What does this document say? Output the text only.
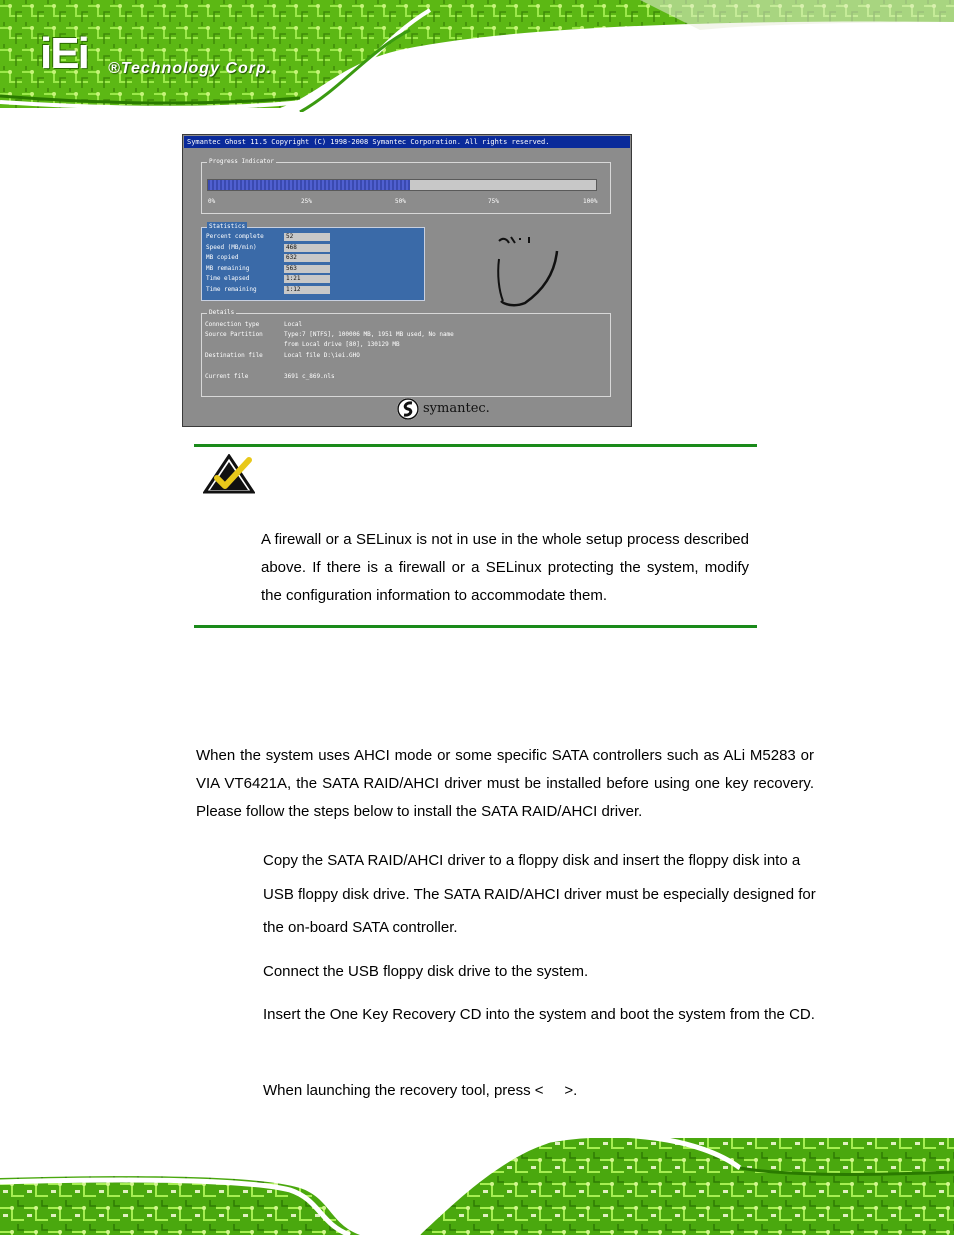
iEi ®Technology Corp.
Symantec Ghost 11.5 Copyright (C) 1998-2008 Symantec Corporation. All rights reserved.
Progress Indicator
0%	25%	50%	75%	100%
Statistics
Percent complete	52
Speed (MB/min)	468
MB copied	632
MB remaining	563
Time elapsed	1:21
Time remaining	1:12
Details
Connection type	Local
Source Partition	Type:7 [NTFS], 100006 MB, 1951 MB used, No name
from Local drive [80], 130129 MB
Destination file	Local file D:\iei.GHO
Current file	3691 c_869.nls
symantec.
A firewall or a SELinux is not in use in the whole setup process described above. If there is a firewall or a SELinux protecting the system, modify the configuration information to accommodate them.
When the system uses AHCI mode or some specific SATA controllers such as ALi M5283 or VIA VT6421A, the SATA RAID/AHCI driver must be installed before using one key recovery. Please follow the steps below to install the SATA RAID/AHCI driver.
Copy the SATA RAID/AHCI driver to a floppy disk and insert the floppy disk into a USB floppy disk drive. The SATA RAID/AHCI driver must be especially designed for the on-board SATA controller.
Connect the USB floppy disk drive to the system.
Insert the One Key Recovery CD into the system and boot the system from the CD.
When launching the recovery tool, press <     >.
